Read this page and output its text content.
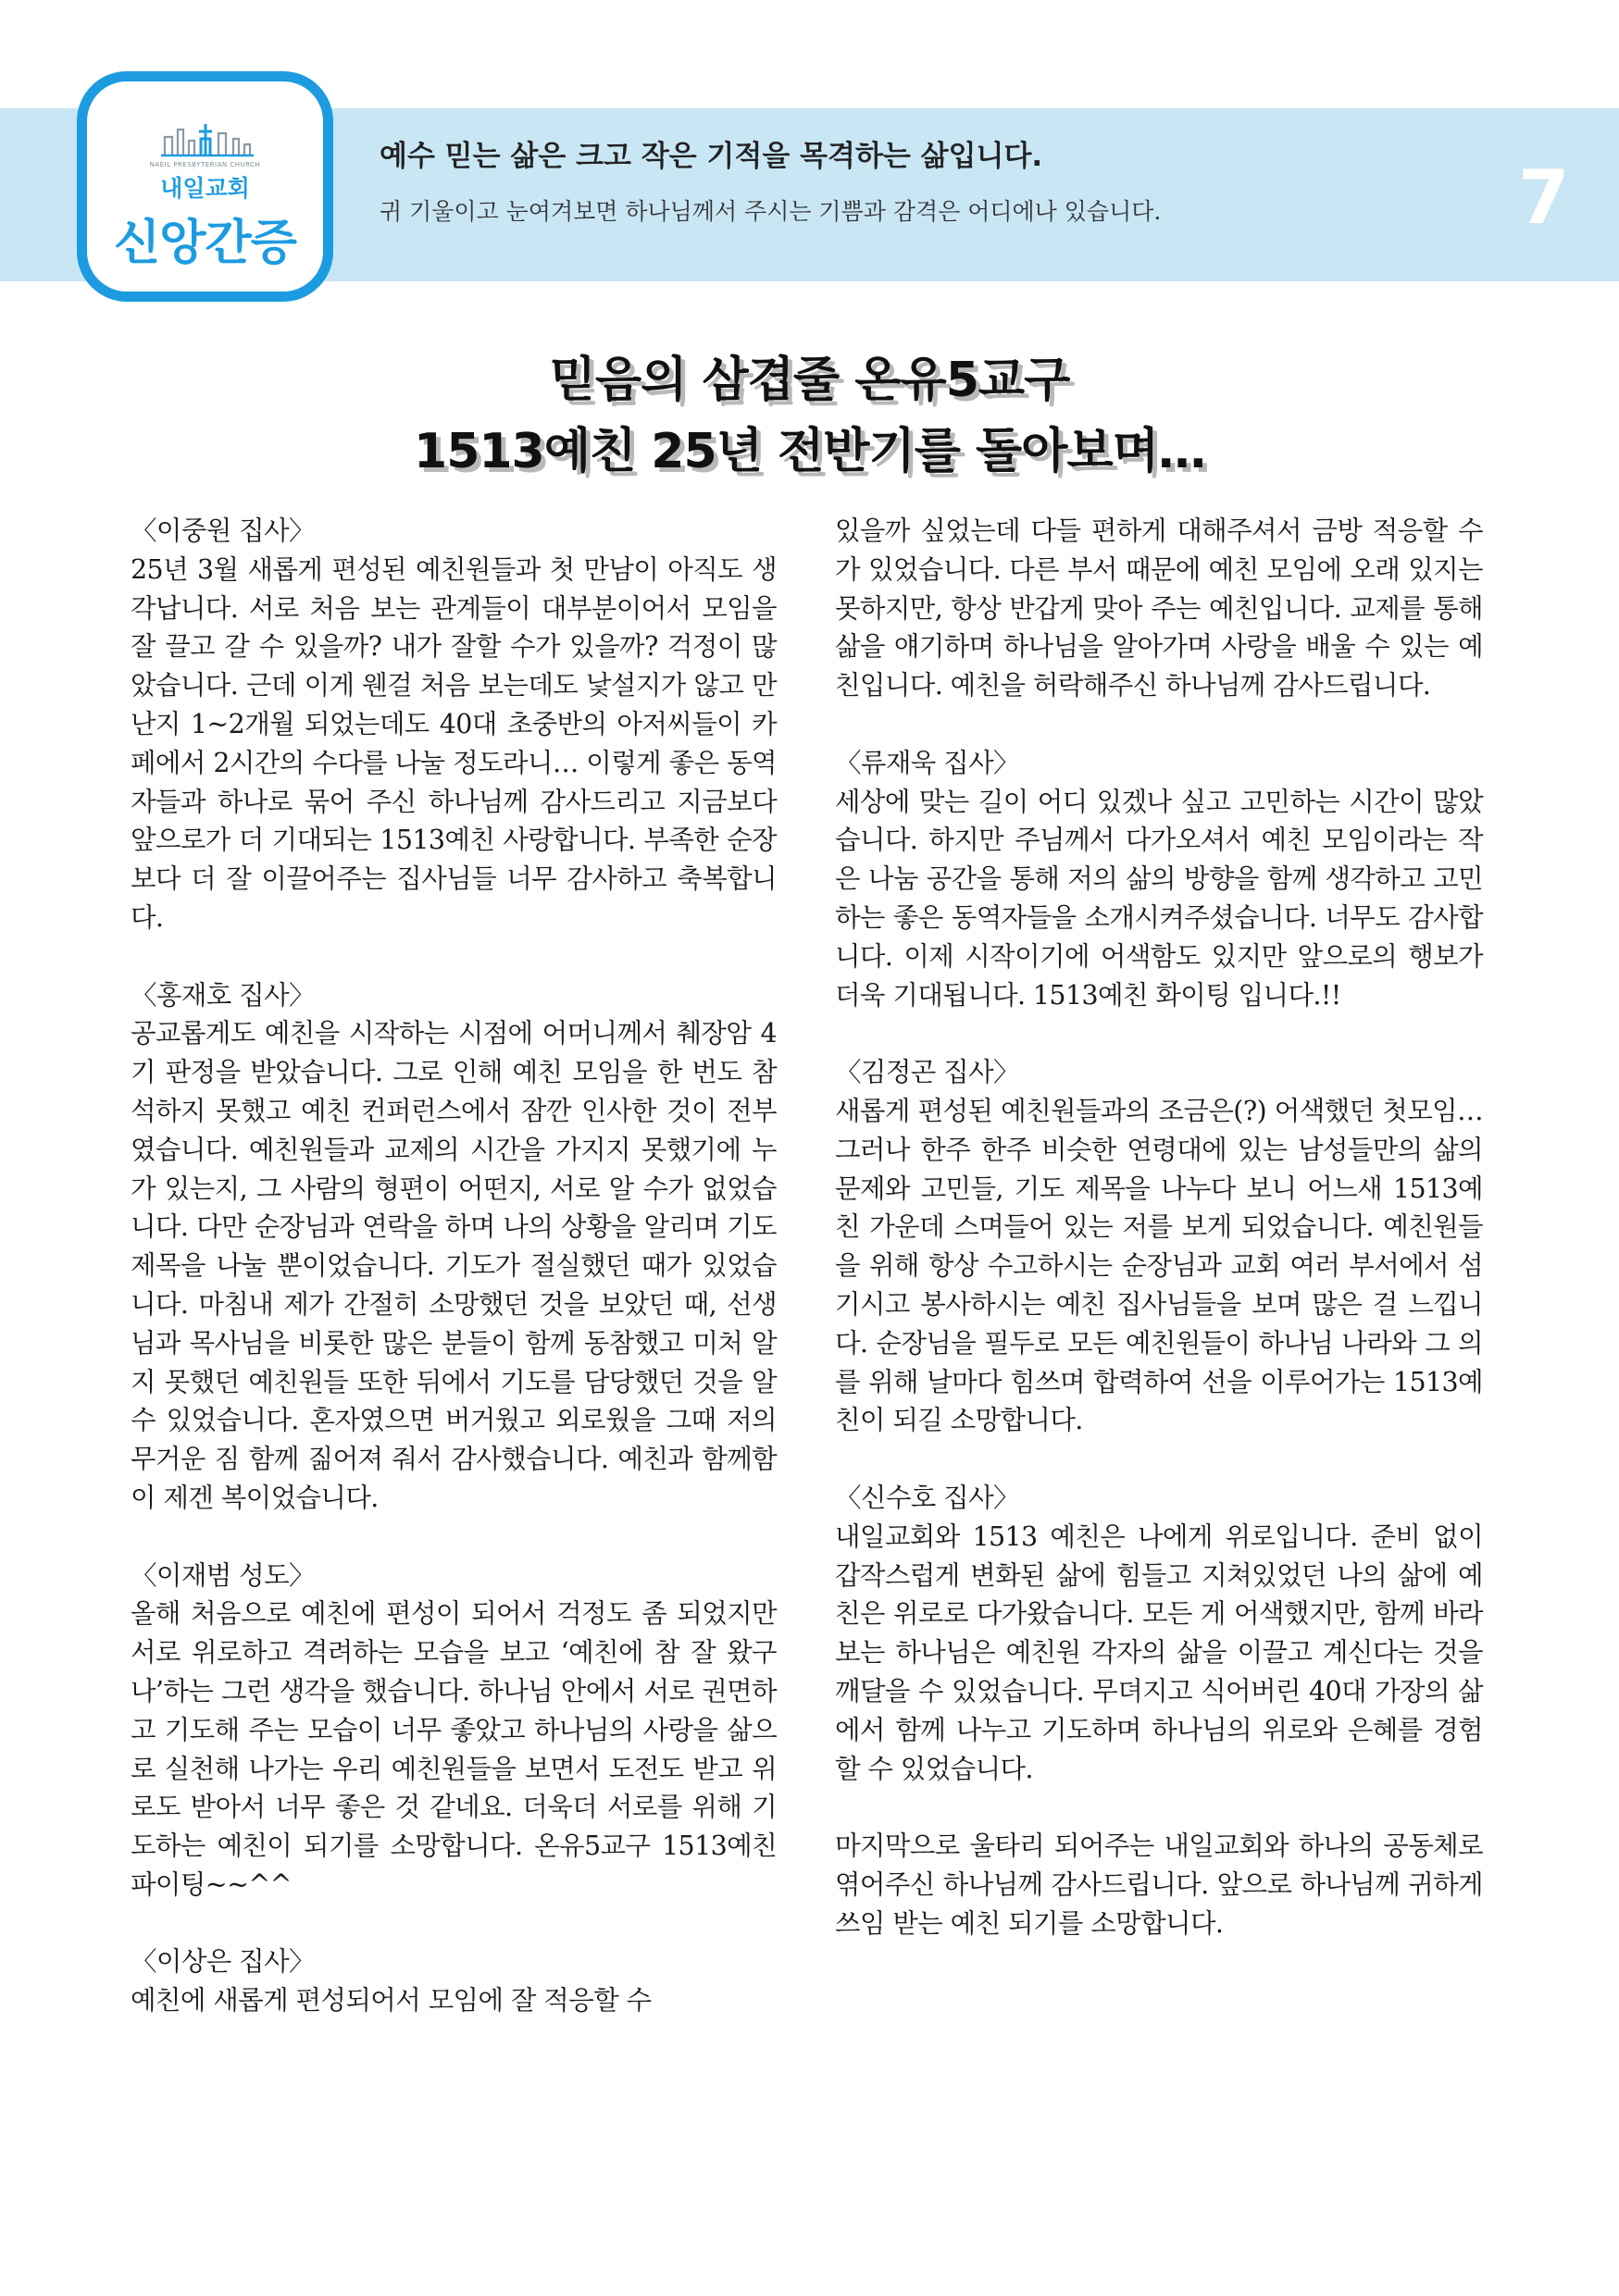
NAEIL PRESBYTERIAN CHURCH
내일교회
신앙간증
예수 믿는 삶은 크고 작은 기적을 목격하는 삶입니다.
귀 기울이고 눈여겨보면 하나님께서 주시는 기쁨과 감격은 어디에나 있습니다.	7
믿음의 삼겹줄 온유5교구
1513예친 25년 전반기를 돌아보며…
〈이중원 집사〉
25년 3월 새롭게 편성된 예친원들과 첫 만남이 아직도 생각납니다. 서로 처음 보는 관계들이 대부분이어서 모임을 잘 끌고 갈 수 있을까? 내가 잘할 수가 있을까? 걱정이 많았습니다. 근데 이게 웬걸 처음 보는데도 낯설지가 않고 만난지 1~2개월 되었는데도 40대 초중반의 아저씨들이 카페에서 2시간의 수다를 나눌 정도라니… 이렇게 좋은 동역자들과 하나로 묶어 주신 하나님께 감사드리고 지금보다 앞으로가 더 기대되는 1513예친 사랑합니다. 부족한 순장보다 더 잘 이끌어주는 집사님들 너무 감사하고 축복합니다.
〈홍재호 집사〉
공교롭게도 예친을 시작하는 시점에 어머니께서 췌장암 4기 판정을 받았습니다. 그로 인해 예친 모임을 한 번도 참석하지 못했고 예친 컨퍼런스에서 잠깐 인사한 것이 전부였습니다. 예친원들과 교제의 시간을 가지지 못했기에 누가 있는지, 그 사람의 형편이 어떤지, 서로 알 수가 없었습니다. 다만 순장님과 연락을 하며 나의 상황을 알리며 기도 제목을 나눌 뿐이었습니다. 기도가 절실했던 때가 있었습니다. 마침내 제가 간절히 소망했던 것을 보았던 때, 선생님과 목사님을 비롯한 많은 분들이 함께 동참했고 미처 알지 못했던 예친원들 또한 뒤에서 기도를 담당했던 것을 알 수 있었습니다. 혼자였으면 버거웠고 외로웠을 그때 저의 무거운 짐 함께 짊어져 줘서 감사했습니다. 예친과 함께함이 제겐 복이었습니다.
〈이재범 성도〉
올해 처음으로 예친에 편성이 되어서 걱정도 좀 되었지만 서로 위로하고 격려하는 모습을 보고 ‘예친에 참 잘 왔구나’하는 그런 생각을 했습니다. 하나님 안에서 서로 권면하고 기도해 주는 모습이 너무 좋았고 하나님의 사랑을 삶으로 실천해 나가는 우리 예친원들을 보면서 도전도 받고 위로도 받아서 너무 좋은 것 같네요. 더욱더 서로를 위해 기도하는 예친이 되기를 소망합니다. 온유5교구 1513예친 파이팅~~^^
〈이상은 집사〉
예친에 새롭게 편성되어서 모임에 잘 적응할 수
있을까 싶었는데 다들 편하게 대해주셔서 금방 적응할 수가 있었습니다. 다른 부서 때문에 예친 모임에 오래 있지는 못하지만, 항상 반갑게 맞아 주는 예친입니다. 교제를 통해 삶을 얘기하며 하나님을 알아가며 사랑을 배울 수 있는 예친입니다. 예친을 허락해주신 하나님께 감사드립니다.
〈류재욱 집사〉
세상에 맞는 길이 어디 있겠나 싶고 고민하는 시간이 많았습니다. 하지만 주님께서 다가오셔서 예친 모임이라는 작은 나눔 공간을 통해 저의 삶의 방향을 함께 생각하고 고민하는 좋은 동역자들을 소개시켜주셨습니다. 너무도 감사합니다. 이제 시작이기에 어색함도 있지만 앞으로의 행보가 더욱 기대됩니다. 1513예친 화이팅 입니다.!!
〈김정곤 집사〉
새롭게 편성된 예친원들과의 조금은(?) 어색했던 첫모임… 그러나 한주 한주 비슷한 연령대에 있는 남성들만의 삶의 문제와 고민들, 기도 제목을 나누다 보니 어느새 1513예친 가운데 스며들어 있는 저를 보게 되었습니다. 예친원들을 위해 항상 수고하시는 순장님과 교회 여러 부서에서 섬기시고 봉사하시는 예친 집사님들을 보며 많은 걸 느낍니다. 순장님을 필두로 모든 예친원들이 하나님 나라와 그 의를 위해 날마다 힘쓰며 합력하여 선을 이루어가는 1513예친이 되길 소망합니다.
〈신수호 집사〉
내일교회와 1513 예친은 나에게 위로입니다. 준비 없이 갑작스럽게 변화된 삶에 힘들고 지쳐있었던 나의 삶에 예친은 위로로 다가왔습니다. 모든 게 어색했지만, 함께 바라보는 하나님은 예친원 각자의 삶을 이끌고 계신다는 것을 깨달을 수 있었습니다. 무뎌지고 식어버린 40대 가장의 삶에서 함께 나누고 기도하며 하나님의 위로와 은혜를 경험할 수 있었습니다.
마지막으로 울타리 되어주는 내일교회와 하나의 공동체로 엮어주신 하나님께 감사드립니다. 앞으로 하나님께 귀하게 쓰임 받는 예친 되기를 소망합니다.
